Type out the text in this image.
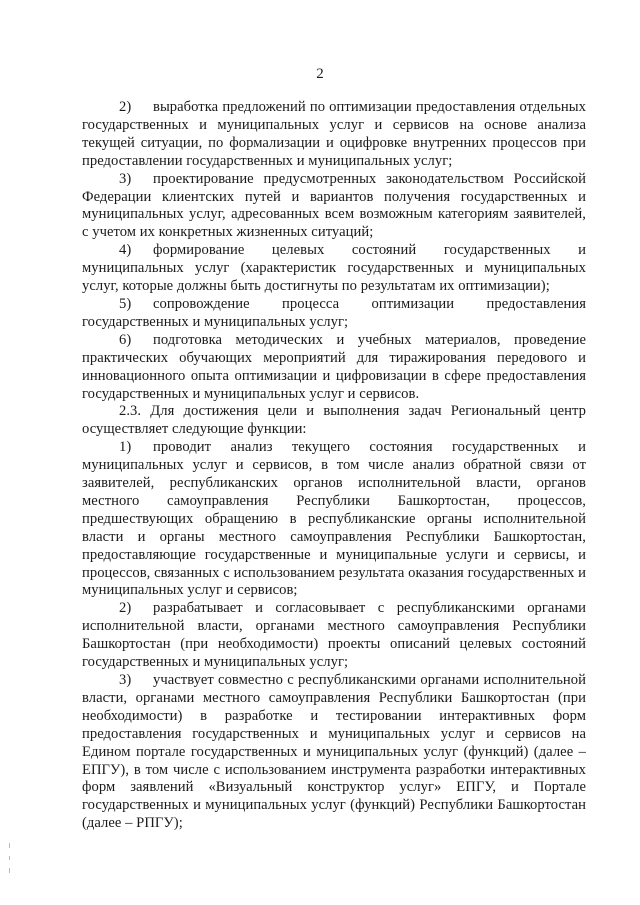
2

2) выработка предложений по оптимизации предоставления отдельных государственных и муниципальных услуг и сервисов на основе анализа текущей ситуации, по формализации и оцифровке внутренних процессов при предоставлении государственных и муниципальных услуг;

3) проектирование предусмотренных законодательством Российской Федерации клиентских путей и вариантов получения государственных и муниципальных услуг, адресованных всем возможным категориям заявителей, с учетом их конкретных жизненных ситуаций;

4) формирование целевых состояний государственных и муниципальных услуг (характеристик государственных и муниципальных услуг, которые должны быть достигнуты по результатам их оптимизации);

5) сопровождение процесса оптимизации предоставления государственных и муниципальных услуг;

6) подготовка методических и учебных материалов, проведение практических обучающих мероприятий для тиражирования передового и инновационного опыта оптимизации и цифровизации в сфере предоставления государственных и муниципальных услуг и сервисов.

2.3. Для достижения цели и выполнения задач Региональный центр осуществляет следующие функции:

1) проводит анализ текущего состояния государственных и муниципальных услуг и сервисов, в том числе анализ обратной связи от заявителей, республиканских органов исполнительной власти, органов местного самоуправления Республики Башкортостан, процессов, предшествующих обращению в республиканские органы исполнительной власти и органы местного самоуправления Республики Башкортостан, предоставляющие государственные и муниципальные услуги и сервисы, и процессов, связанных с использованием результата оказания государственных и муниципальных услуг и сервисов;

2) разрабатывает и согласовывает с республиканскими органами исполнительной власти, органами местного самоуправления Республики Башкортостан (при необходимости) проекты описаний целевых состояний государственных и муниципальных услуг;

3) участвует совместно с республиканскими органами исполнительной власти, органами местного самоуправления Республики Башкортостан (при необходимости) в разработке и тестировании интерактивных форм предоставления государственных и муниципальных услуг и сервисов на Едином портале государственных и муниципальных услуг (функций) (далее – ЕПГУ), в том числе с использованием инструмента разработки интерактивных форм заявлений «Визуальный конструктор услуг» ЕПГУ, и Портале государственных и муниципальных услуг (функций) Республики Башкортостан (далее – РПГУ);
